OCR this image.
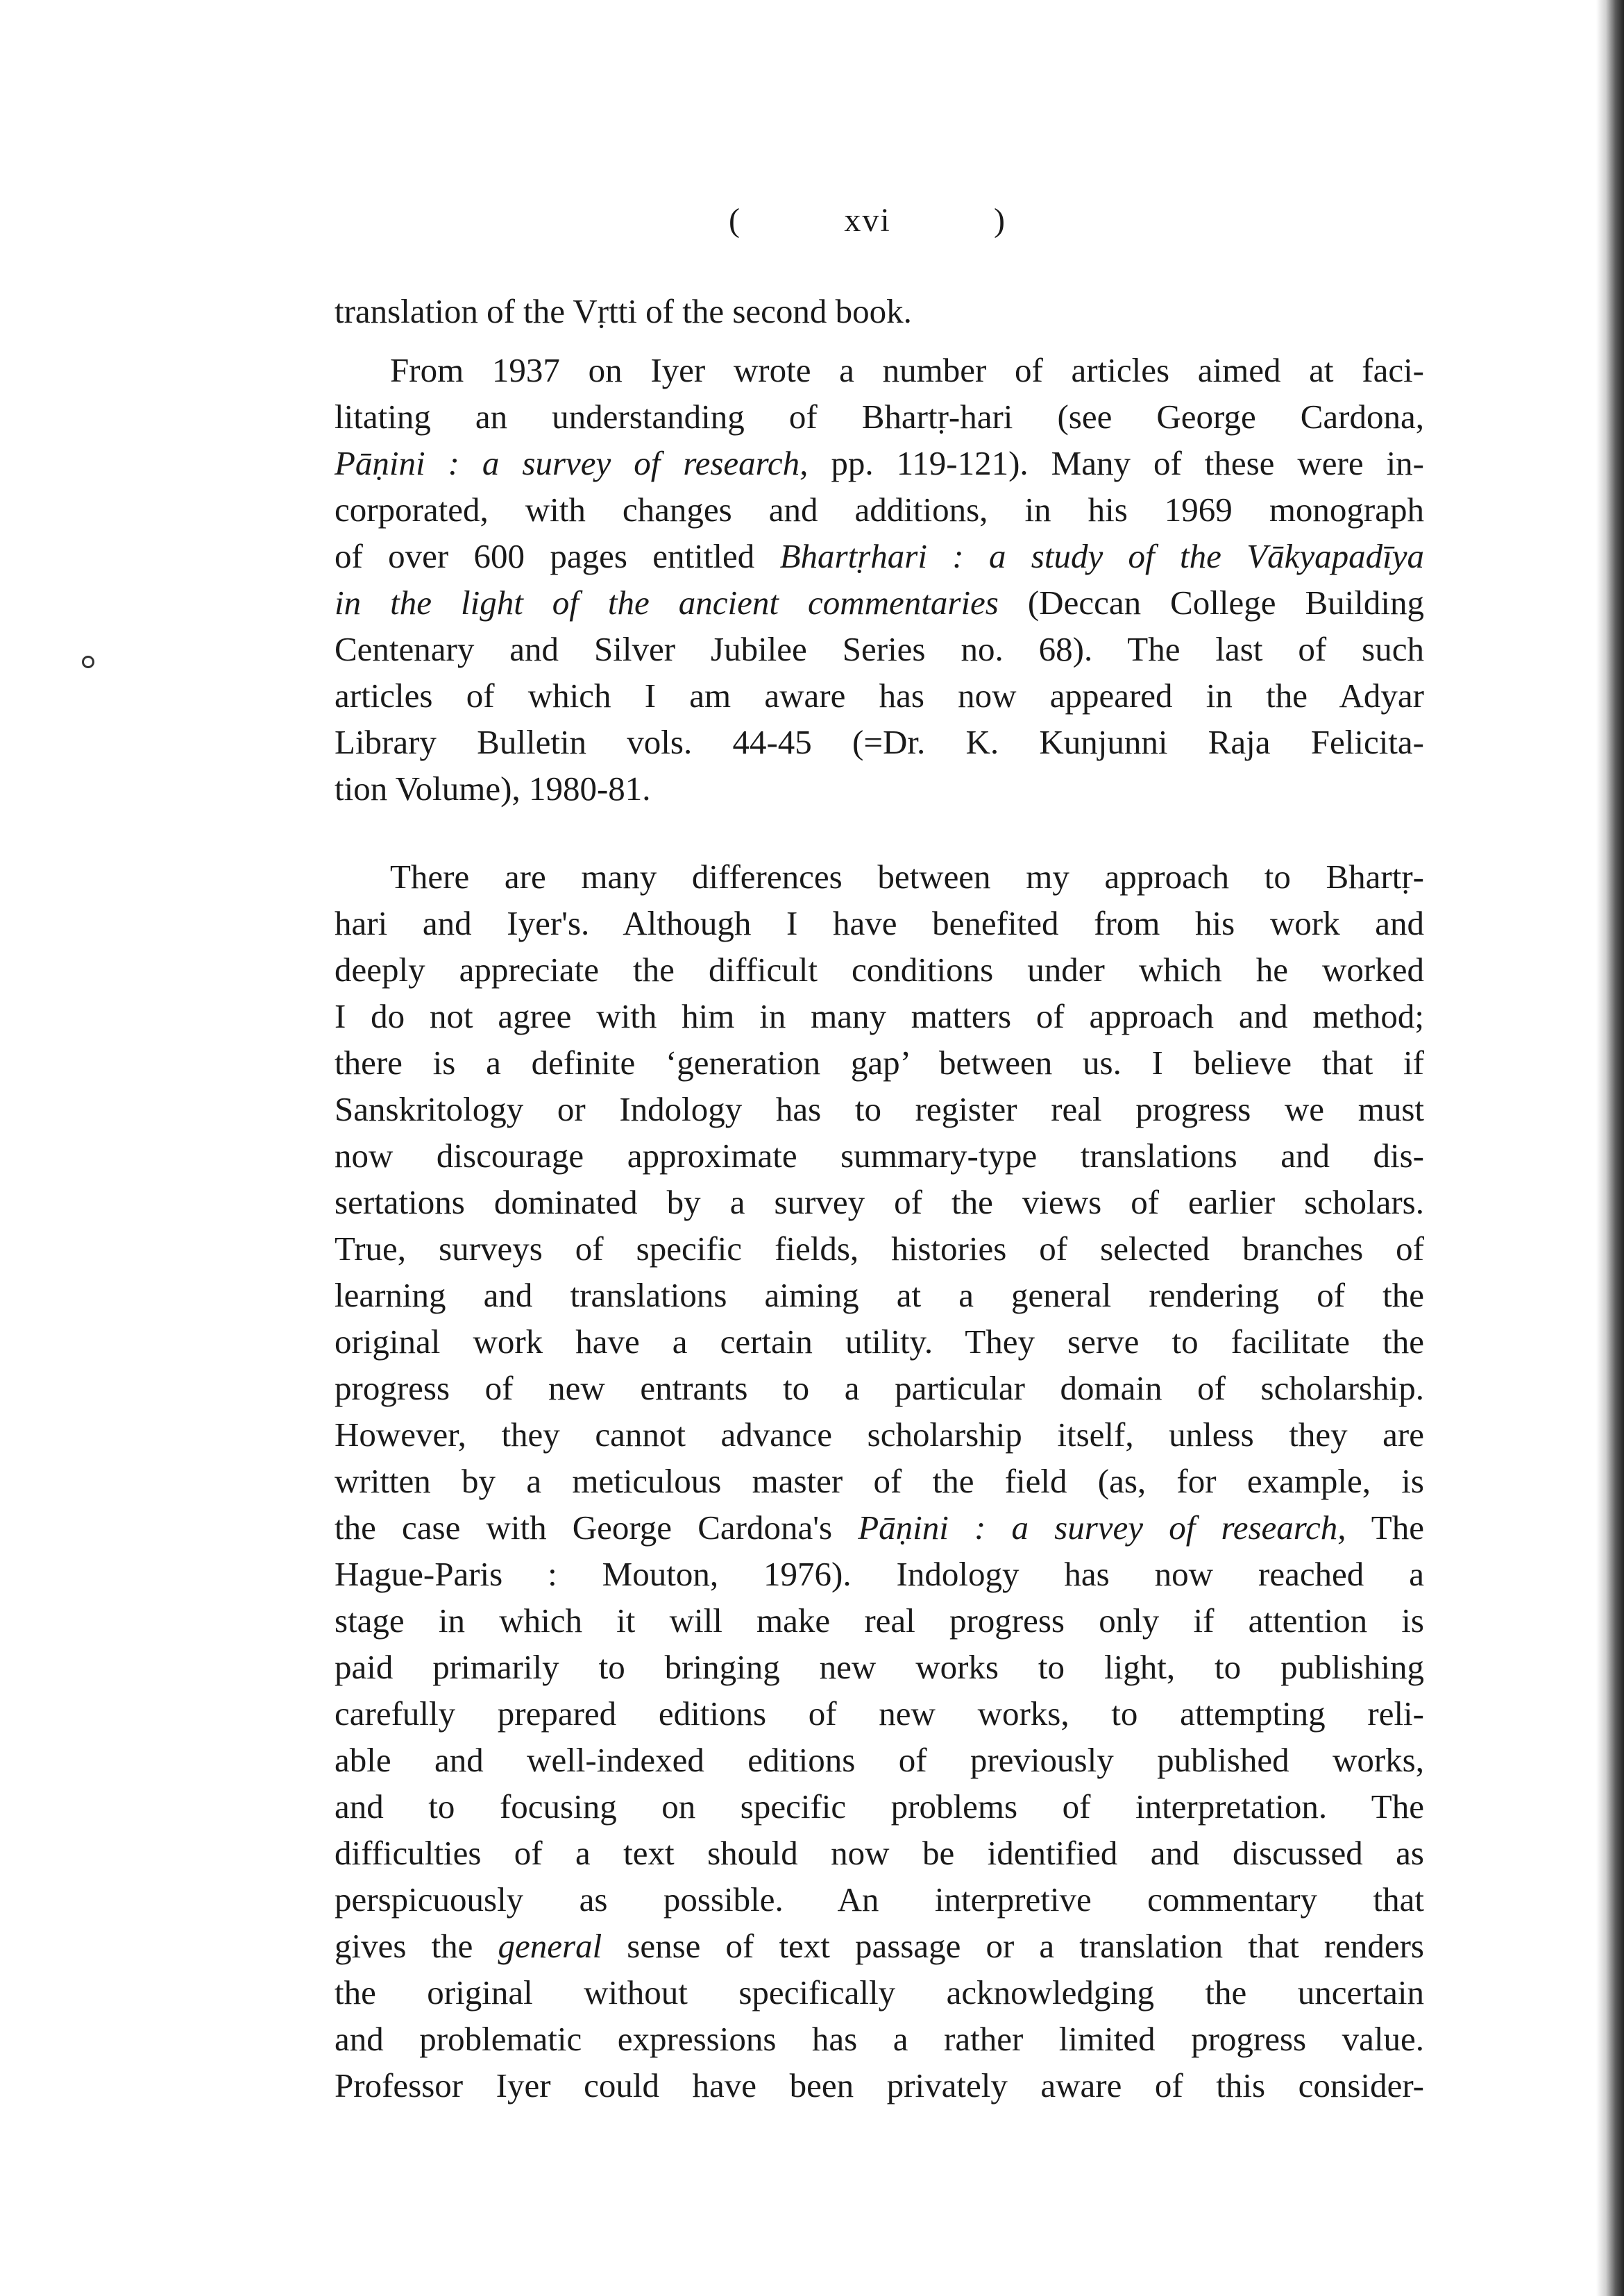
(	xvi	)
translation of the Vṛtti of the second book.
From 1937 on Iyer wrote a number of articles aimed at faci-
litating an understanding of Bhartṛ-hari (see George Cardona,
Pāṇini : a survey of research, pp. 119-121). Many of these were in-
corporated, with changes and additions, in his 1969 monograph
of over 600 pages entitled Bhartṛhari : a study of the Vākyapadīya
in the light of the ancient commentaries (Deccan College Building
Centenary and Silver Jubilee Series no. 68). The last of such
articles of which I am aware has now appeared in the Adyar
Library Bulletin vols. 44-45 (=Dr. K. Kunjunni Raja Felicita-
tion Volume), 1980-81.
There are many differences between my approach to Bhartṛ-
hari and Iyer's. Although I have benefited from his work and
deeply appreciate the difficult conditions under which he worked
I do not agree with him in many matters of approach and method;
there is a definite ‘generation gap’ between us. I believe that if
Sanskritology or Indology has to register real progress we must
now discourage approximate summary-type translations and dis-
sertations dominated by a survey of the views of earlier scholars.
True, surveys of specific fields, histories of selected branches of
learning and translations aiming at a general rendering of the
original work have a certain utility. They serve to facilitate the
progress of new entrants to a particular domain of scholarship.
However, they cannot advance scholarship itself, unless they are
written by a meticulous master of the field (as, for example, is
the case with George Cardona's Pāṇini : a survey of research, The
Hague-Paris : Mouton, 1976). Indology has now reached a
stage in which it will make real progress only if attention is
paid primarily to bringing new works to light, to publishing
carefully prepared editions of new works, to attempting reli-
able and well-indexed editions of previously published works,
and to focusing on specific problems of interpretation. The
difficulties of a text should now be identified and discussed as
perspicuously as possible. An interpretive commentary that
gives the general sense of text passage or a translation that renders
the original without specifically acknowledging the uncertain
and problematic expressions has a rather limited progress value.
Professor Iyer could have been privately aware of this consider-
